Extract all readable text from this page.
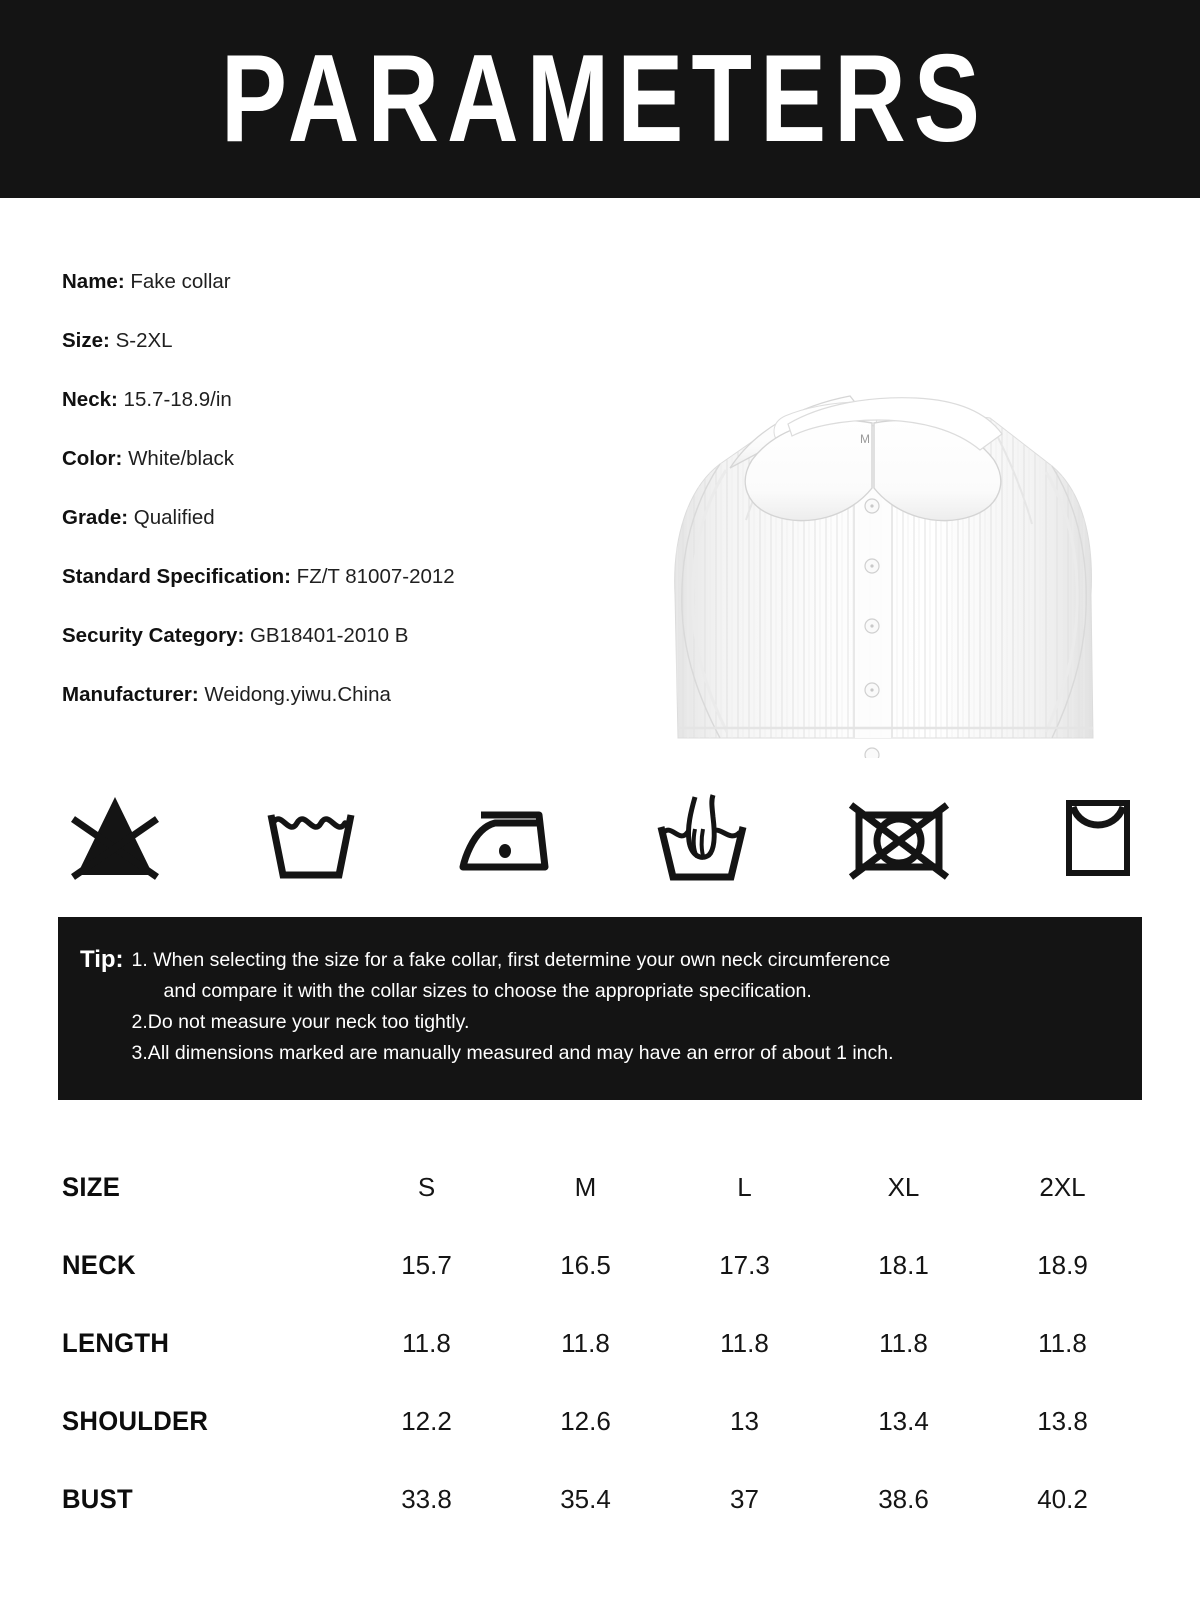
PARAMETERS
Name: Fake collar
Size: S-2XL
Neck: 15.7-18.9/in
Color: White/black
Grade: Qualified
Standard Specification: FZ/T 81007-2012
Security Category: GB18401-2010 B
Manufacturer: Weidong.yiwu.China
M
Tip: 1. When selecting the size for a fake collar, first determine your own neck circumference
and compare it with the collar sizes to choose the appropriate specification.
2.Do not measure your neck too tightly.
3.All dimensions marked are manually measured and may have an error of about 1 inch.
SIZE	S	M	L	XL	2XL
NECK	15.7	16.5	17.3	18.1	18.9
LENGTH	11.8	11.8	11.8	11.8	11.8
SHOULDER	12.2	12.6	13	13.4	13.8
BUST	33.8	35.4	37	38.6	40.2
